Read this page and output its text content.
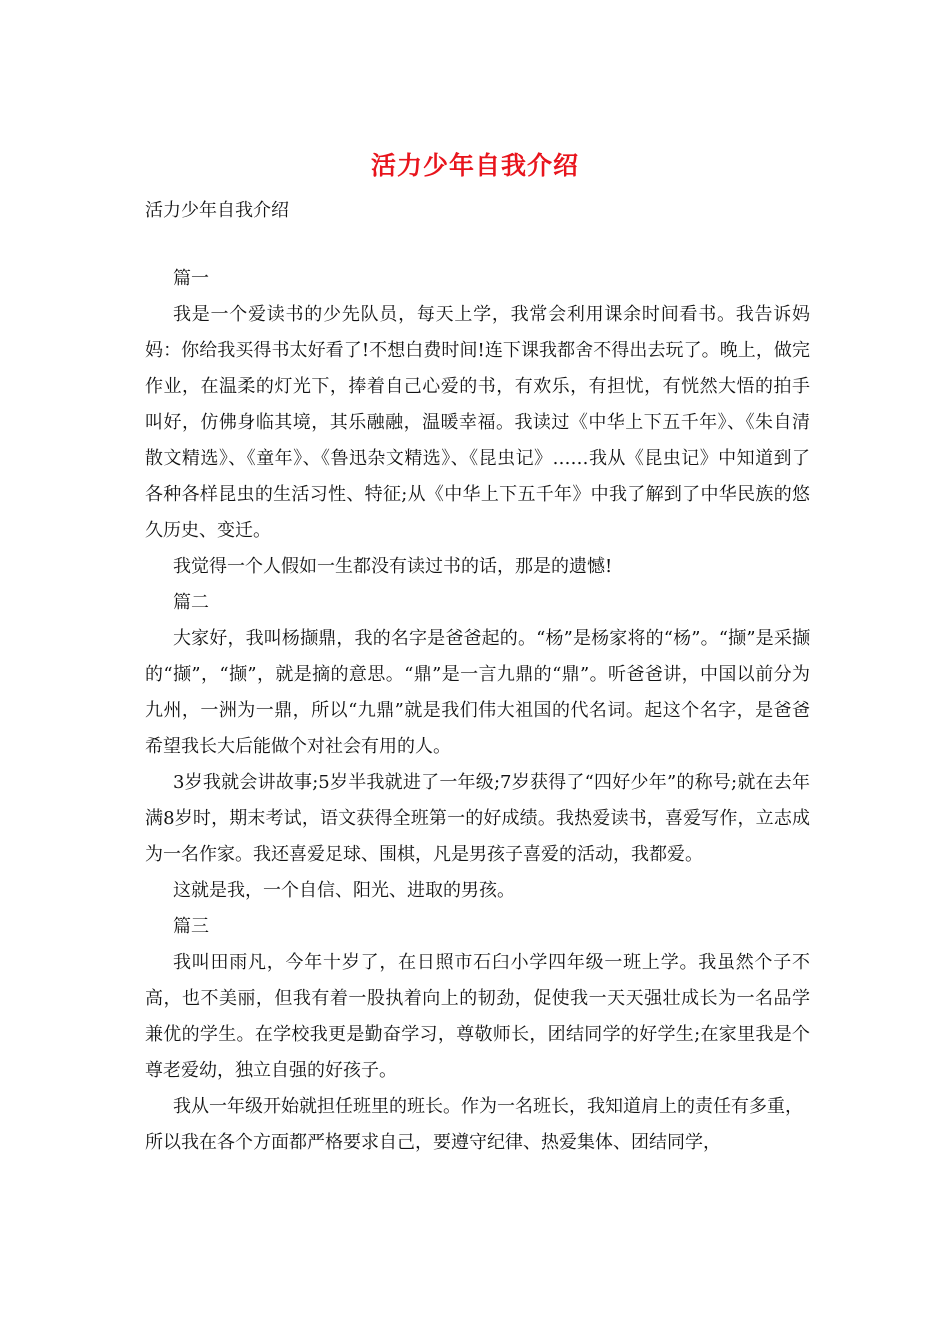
活力少年自我介绍
活力少年自我介绍

篇一

我是一个爱读书的少先队员，每天上学，我常会利用课余时间看书。我告诉妈妈：你给我买得书太好看了!不想白费时间!连下课我都舍不得出去玩了。晚上，做完作业，在温柔的灯光下，捧着自己心爱的书，有欢乐，有担忧，有恍然大悟的拍手叫好，仿佛身临其境，其乐融融，温暖幸福。我读过《中华上下五千年》、《朱自清散文精选》、《童年》、《鲁迅杂文精选》、《昆虫记》……我从《昆虫记》中知道到了各种各样昆虫的生活习性、特征;从《中华上下五千年》中我了解到了中华民族的悠久历史、变迁。

我觉得一个人假如一生都没有读过书的话，那是的遗憾!

篇二

大家好，我叫杨撷鼎，我的名字是爸爸起的。“杨”是杨家将的“杨”。“撷”是采撷的“撷”，“撷”，就是摘的意思。“鼎”是一言九鼎的“鼎”。听爸爸讲，中国以前分为九州，一洲为一鼎，所以“九鼎”就是我们伟大祖国的代名词。起这个名字，是爸爸希望我长大后能做个对社会有用的人。

3岁我就会讲故事;5岁半我就进了一年级;7岁获得了“四好少年”的称号;就在去年满8岁时，期末考试，语文获得全班第一的好成绩。我热爱读书，喜爱写作，立志成为一名作家。我还喜爱足球、围棋，凡是男孩子喜爱的活动，我都爱。

这就是我，一个自信、阳光、进取的男孩。

篇三

我叫田雨凡，今年十岁了，在日照市石臼小学四年级一班上学。我虽然个子不高，也不美丽，但我有着一股执着向上的韧劲，促使我一天天强壮成长为一名品学兼优的学生。在学校我更是勤奋学习，尊敬师长，团结同学的好学生;在家里我是个尊老爱幼，独立自强的好孩子。

我从一年级开始就担任班里的班长。作为一名班长，我知道肩上的责任有多重，所以我在各个方面都严格要求自己，要遵守纪律、热爱集体、团结同学，
